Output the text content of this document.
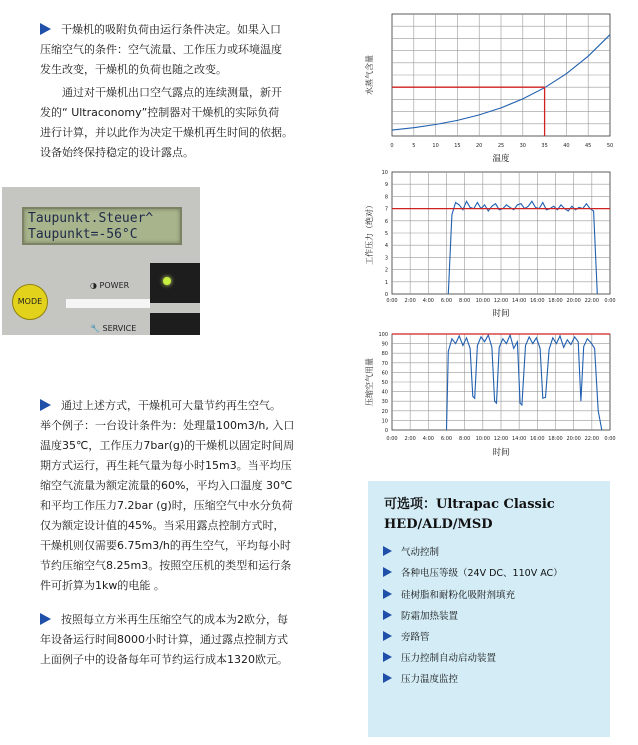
干燥机的吸附负荷由运行条件决定。如果入口
压缩空气的条件：空气流量、工作压力或环境温度
发生改变，干燥机的负荷也随之改变。
通过对干燥机出口空气露点的连续测量，新开
发的“ Ultraconomy”控制器对干燥机的实际负荷
进行计算，并以此作为决定干燥机再生时间的依据。
设备始终保持稳定的设计露点。
Taupunkt.Steuer^
Taupunkt=-56°C
MODE
◑ POWER
🔧 SERVICE
通过上述方式，干燥机可大量节约再生空气。
举个例子：一台设计条件为：处理量100m3/h, 入口
温度35℃，工作压力7bar(g)的干燥机以固定时间周
期方式运行，再生耗气量为每小时15m3。当平均压
缩空气流量为额定流量的60%，平均入口温度 30℃
和平均工作压力7.2bar (g)时，压缩空气中水分负荷
仅为额定设计值的45%。当采用露点控制方式时，
干燥机则仅需要6.75m3/h的再生空气，平均每小时
节约压缩空气8.25m3。按照空压机的类型和运行条
件可折算为1kw的电能 。
按照每立方米再生压缩空气的成本为2欧分，每
年设备运行时间8000小时计算，通过露点控制方式
上面例子中的设备每年可节约运行成本1320欧元。
0	5	10	15	20	25	30	35	40	45	50
温度
水蒸气含量
0:00 2:00 4:00 6:00 8:00 10:00 12:00 14:00 16:00 18:00 20:00 22:00 0:00
0
1
2
3
4
5
6
7
8
9
10
时间
工作压力（绝对）
0:00 2:00 4:00 6:00 8:00 10:00 12:00 14:00 16:00 18:00 20:00 22:00 0:00
0
10
20
30
40
50
60
70
80
90
100
时间
压缩空气用量
可选项：Ultrapac Classic
HED/ALD/MSD
气动控制
各种电压等级（24V DC、110V AC）
硅树脂和耐粉化吸附剂填充
防霜加热装置
旁路管
压力控制自动启动装置
压力温度监控
